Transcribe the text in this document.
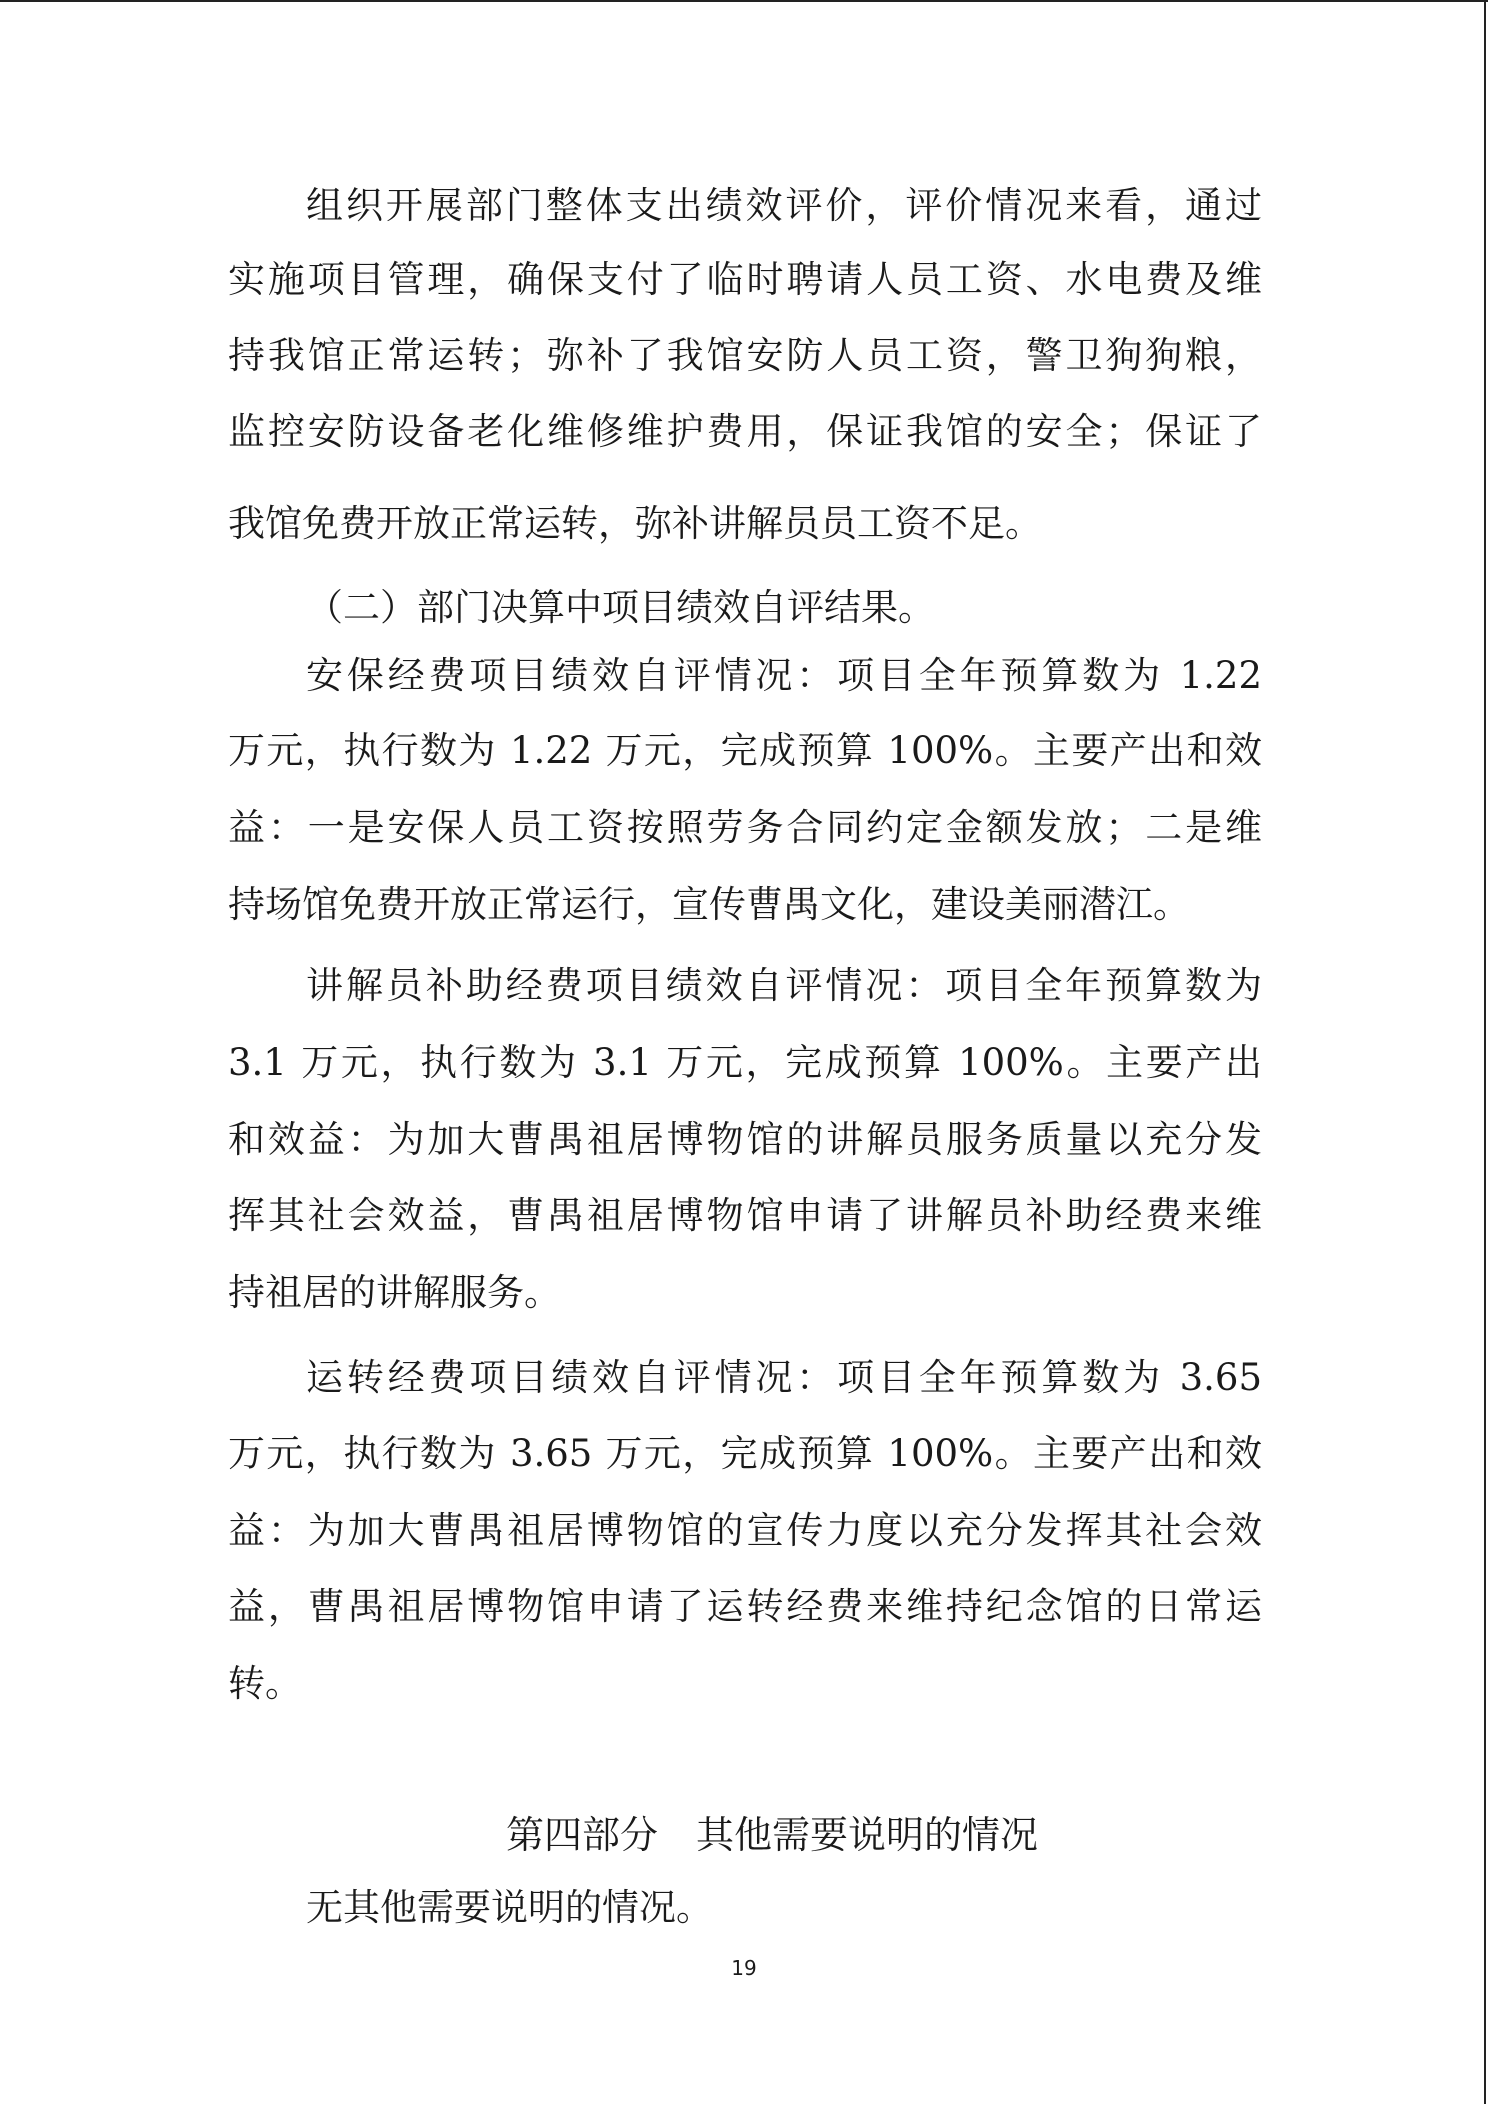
组织开展部门整体支出绩效评价，评价情况来看，通过

实施项目管理，确保支付了临时聘请人员工资、水电费及维

持我馆正常运转；弥补了我馆安防人员工资，警卫狗狗粮，

监控安防设备老化维修维护费用，保证我馆的安全；保证了

我馆免费开放正常运转，弥补讲解员员工资不足。

（二）部门决算中项目绩效自评结果。

安保经费项目绩效自评情况：项目全年预算数为 1.22

万元，执行数为 1.22 万元，完成预算 100%。主要产出和效

益：一是安保人员工资按照劳务合同约定金额发放；二是维

持场馆免费开放正常运行，宣传曹禺文化，建设美丽潜江。

讲解员补助经费项目绩效自评情况：项目全年预算数为

3.1 万元，执行数为 3.1 万元，完成预算 100%。主要产出

和效益：为加大曹禺祖居博物馆的讲解员服务质量以充分发

挥其社会效益，曹禺祖居博物馆申请了讲解员补助经费来维

持祖居的讲解服务。

运转经费项目绩效自评情况：项目全年预算数为 3.65

万元，执行数为 3.65 万元，完成预算 100%。主要产出和效

益：为加大曹禺祖居博物馆的宣传力度以充分发挥其社会效

益，曹禺祖居博物馆申请了运转经费来维持纪念馆的日常运

转。

第四部分　其他需要说明的情况

无其他需要说明的情况。

19
